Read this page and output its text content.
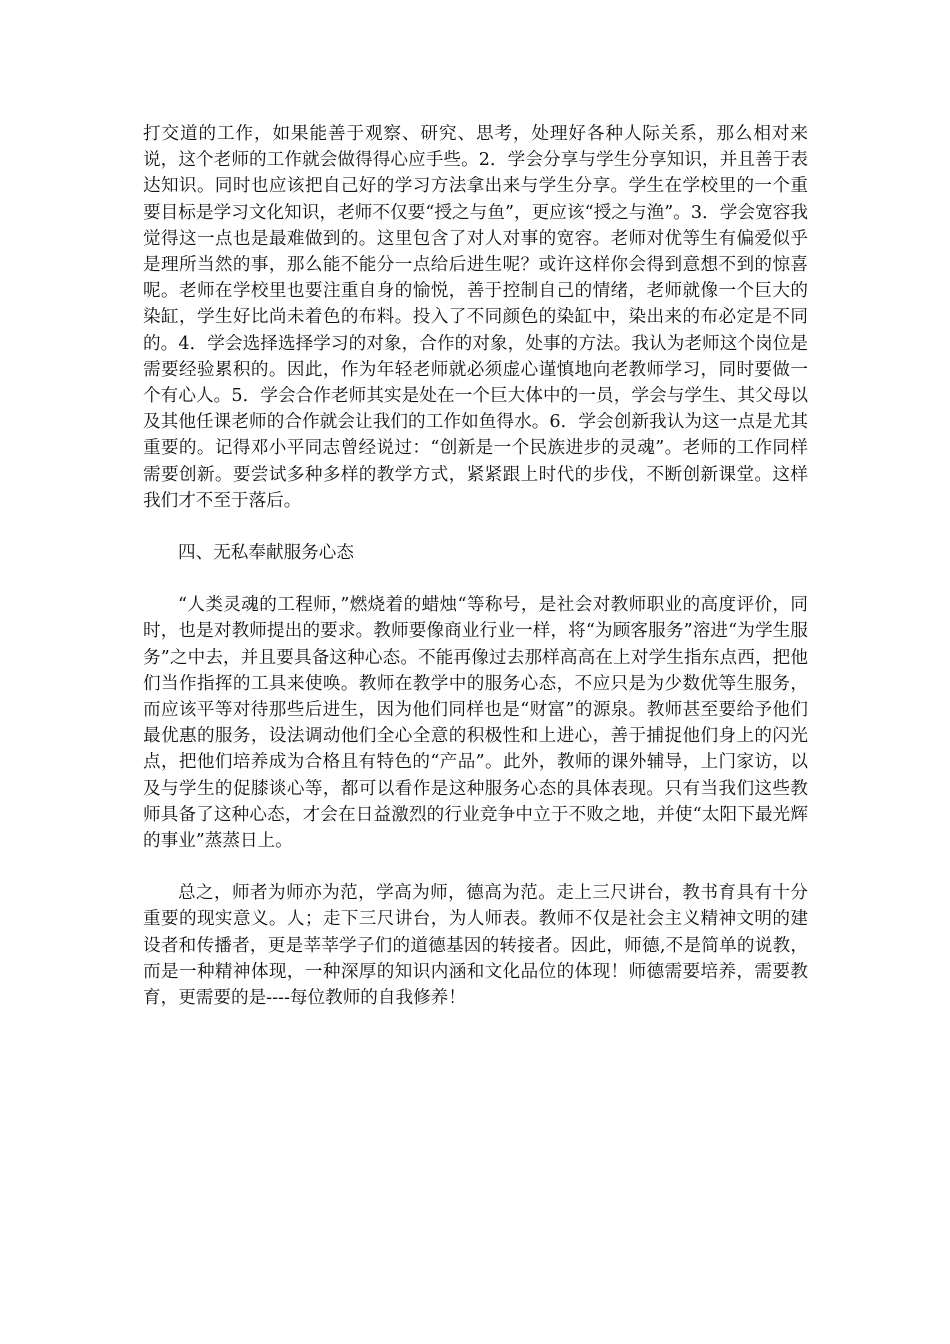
打交道的工作，如果能善于观察、研究、思考，处理好各种人际关系，那么相对来说，这个老师的工作就会做得得心应手些。2．学会分享与学生分享知识，并且善于表达知识。同时也应该把自己好的学习方法拿出来与学生分享。学生在学校里的一个重要目标是学习文化知识，老师不仅要“授之与鱼”，更应该“授之与渔”。3．学会宽容我觉得这一点也是最难做到的。这里包含了对人对事的宽容。老师对优等生有偏爱似乎是理所当然的事，那么能不能分一点给后进生呢？或许这样你会得到意想不到的惊喜呢。老师在学校里也要注重自身的愉悦，善于控制自己的情绪，老师就像一个巨大的染缸，学生好比尚未着色的布料。投入了不同颜色的染缸中，染出来的布必定是不同的。4．学会选择选择学习的对象，合作的对象，处事的方法。我认为老师这个岗位是需要经验累积的。因此，作为年轻老师就必须虚心谨慎地向老教师学习，同时要做一个有心人。5．学会合作老师其实是处在一个巨大体中的一员，学会与学生、其父母以及其他任课老师的合作就会让我们的工作如鱼得水。6．学会创新我认为这一点是尤其重要的。记得邓小平同志曾经说过：“创新是一个民族进步的灵魂”。老师的工作同样需要创新。要尝试多种多样的教学方式，紧紧跟上时代的步伐，不断创新课堂。这样我们才不至于落后。

四、无私奉献服务心态

“人类灵魂的工程师，”燃烧着的蜡烛“等称号，是社会对教师职业的高度评价，同时，也是对教师提出的要求。教师要像商业行业一样，将“为顾客服务”溶进“为学生服务”之中去，并且要具备这种心态。不能再像过去那样高高在上对学生指东点西，把他们当作指挥的工具来使唤。教师在教学中的服务心态，不应只是为少数优等生服务，而应该平等对待那些后进生，因为他们同样也是“财富”的源泉。教师甚至要给予他们最优惠的服务，设法调动他们全心全意的积极性和上进心，善于捕捉他们身上的闪光点，把他们培养成为合格且有特色的“产品”。此外，教师的课外辅导，上门家访，以及与学生的促膝谈心等，都可以看作是这种服务心态的具体表现。只有当我们这些教师具备了这种心态，才会在日益激烈的行业竞争中立于不败之地，并使“太阳下最光辉的事业”蒸蒸日上。

总之，师者为师亦为范，学高为师，德高为范。走上三尺讲台，教书育具有十分重要的现实意义。人；走下三尺讲台，为人师表。教师不仅是社会主义精神文明的建设者和传播者，更是莘莘学子们的道德基因的转接者。因此，师德,不是简单的说教，而是一种精神体现，一种深厚的知识内涵和文化品位的体现！师德需要培养，需要教育，更需要的是----每位教师的自我修养！
